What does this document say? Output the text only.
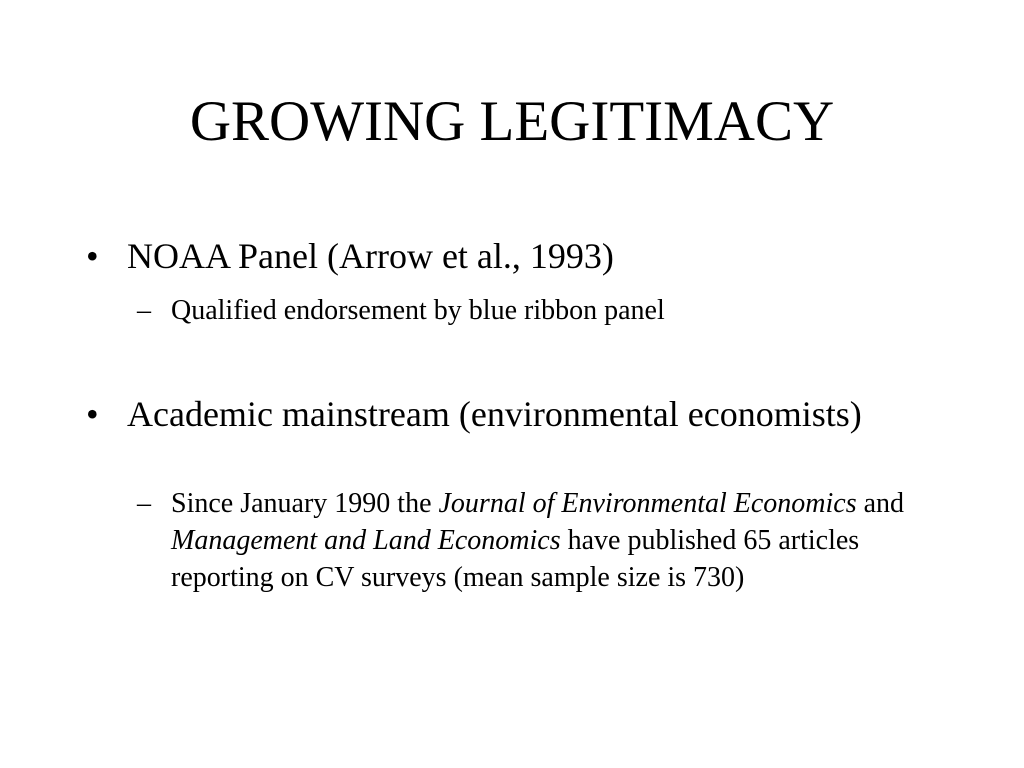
GROWING LEGITIMACY
• NOAA Panel (Arrow et al., 1993)
– Qualified endorsement by blue ribbon panel
• Academic mainstream (environmental economists)
– Since January 1990 the Journal of Environmental Economics and Management and Land Economics have published 65 articles reporting on CV surveys (mean sample size is 730)
